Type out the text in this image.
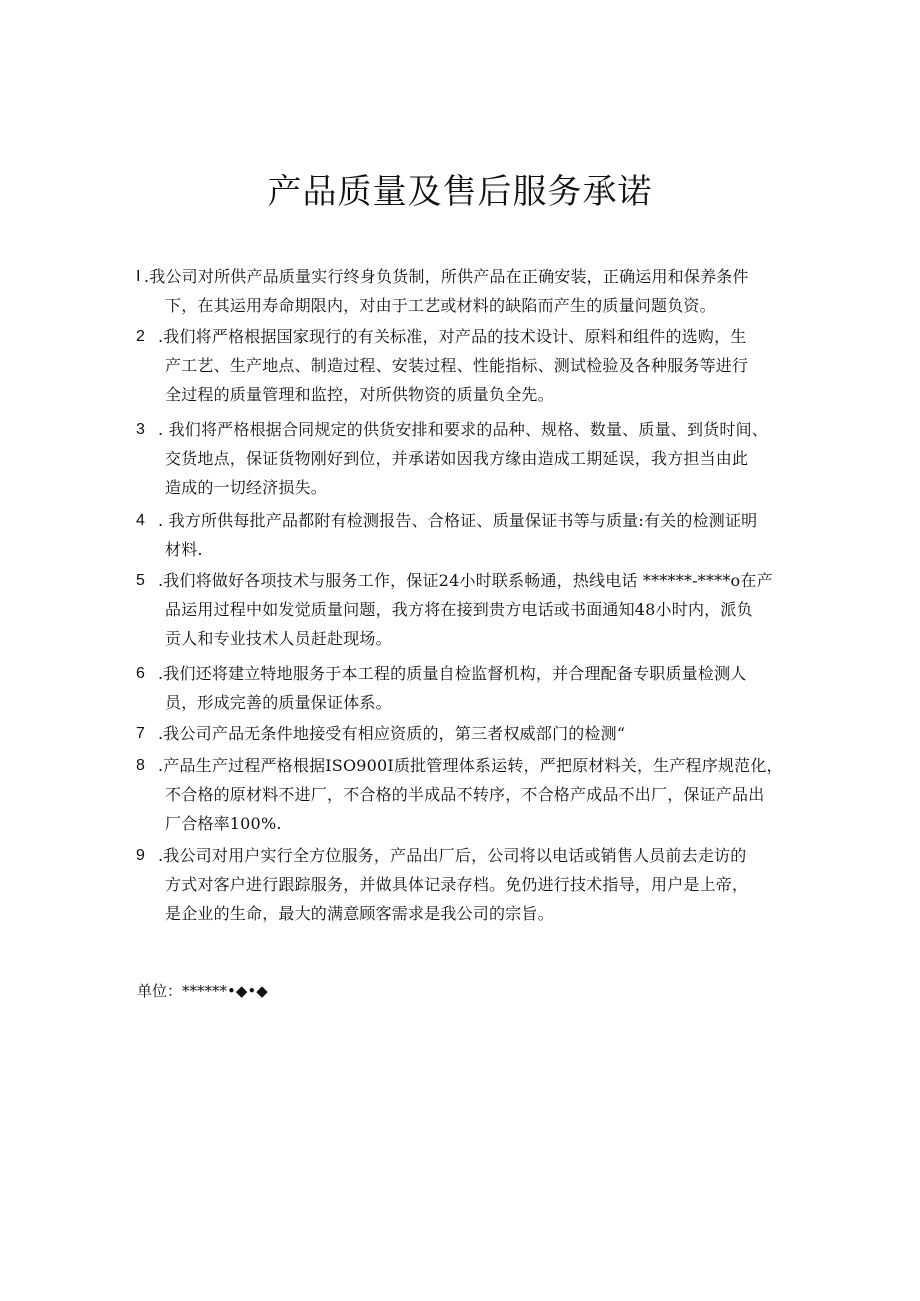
产品质量及售后服务承诺
I .我公司对所供产品质量实行终身负货制，所供产品在正确安装，正确运用和保养条件
下，在其运用寿命期限内，对由于工艺或材料的缺陷而产生的质量问题负资。
2 .我们将严格根据国家现行的有关标准，对产品的技术设计、原料和组件的选购，生
产工艺、生产地点、制造过程、安装过程、性能指标、测试检验及各种服务等进行
全过程的质量管理和监控，对所供物资的质量负全先。
3 . 我们将严格根据合同规定的供货安排和要求的品种、规格、数量、质量、到货时间、
交货地点，保证货物刚好到位，并承诺如因我方缘由造成工期延误，我方担当由此
造成的一切经济损失。
4 . 我方所供每批产品都附有检测报告、合格证、质量保证书等与质量:有关的检测证明
材料.
5 .我们将做好各项技术与服务工作，保证24小时联系畅通，热线电话 ******-****o在产
品运用过程中如发觉质量问题，我方将在接到贵方电话或书面通知48小时内，派负
贡人和专业技术人员赶赴现场。
6 .我们还将建立特地服务于本工程的质量自检监督机构，并合理配备专职质量检测人
员，形成完善的质量保证体系。
7 .我公司产品无条件地接受有相应资质的，第三者权威部门的检测“
8 .产品生产过程严格根据ISO900I质批管理体系运转，严把原材料关，生产程序规范化，
不合格的原材料不进厂，不合格的半成品不转序，不合格产成品不出厂，保证产品出
厂合格率100%.
9 .我公司对用户实行全方位服务，产品出厂后，公司将以电话或销售人员前去走访的
方式对客户进行跟踪服务，并做具体记录存档。免仍进行技术指导，用户是上帝，
是企业的生命，最大的满意顾客需求是我公司的宗旨。
单位：******•◆•◆
